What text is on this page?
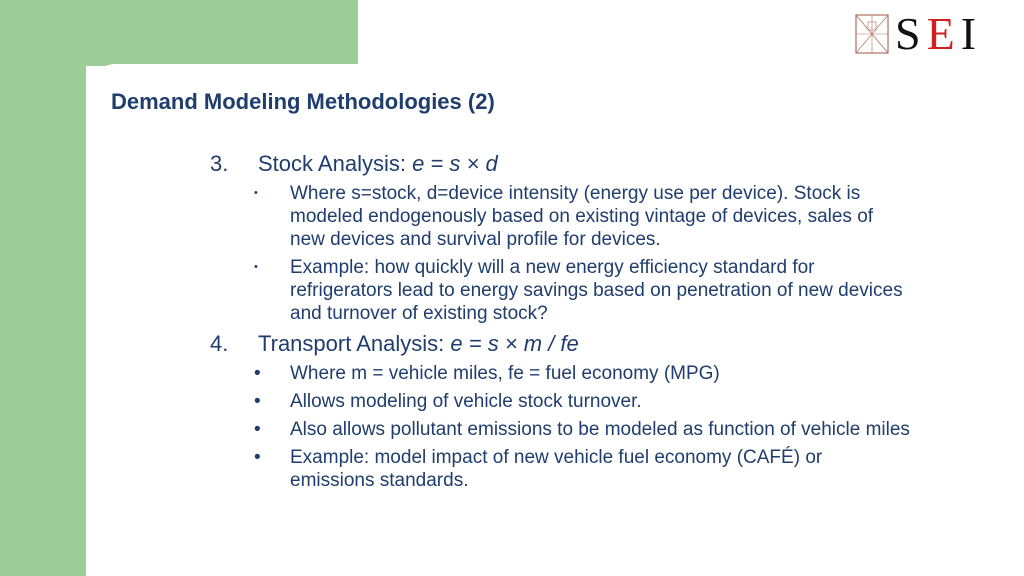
SEI
Demand Modeling Methodologies (2)
3. Stock Analysis: e = s × d
• Where s=stock, d=device intensity (energy use per device). Stock is modeled endogenously based on existing vintage of devices, sales of new devices and survival profile for devices.
• Example: how quickly will a new energy efficiency standard for refrigerators lead to energy savings based on penetration of new devices and turnover of existing stock?
4. Transport Analysis: e = s × m / fe
• Where m = vehicle miles, fe = fuel economy (MPG)
• Allows modeling of vehicle stock turnover.
• Also allows pollutant emissions to be modeled as function of vehicle miles
• Example: model impact of new vehicle fuel economy (CAFÉ) or emissions standards.
